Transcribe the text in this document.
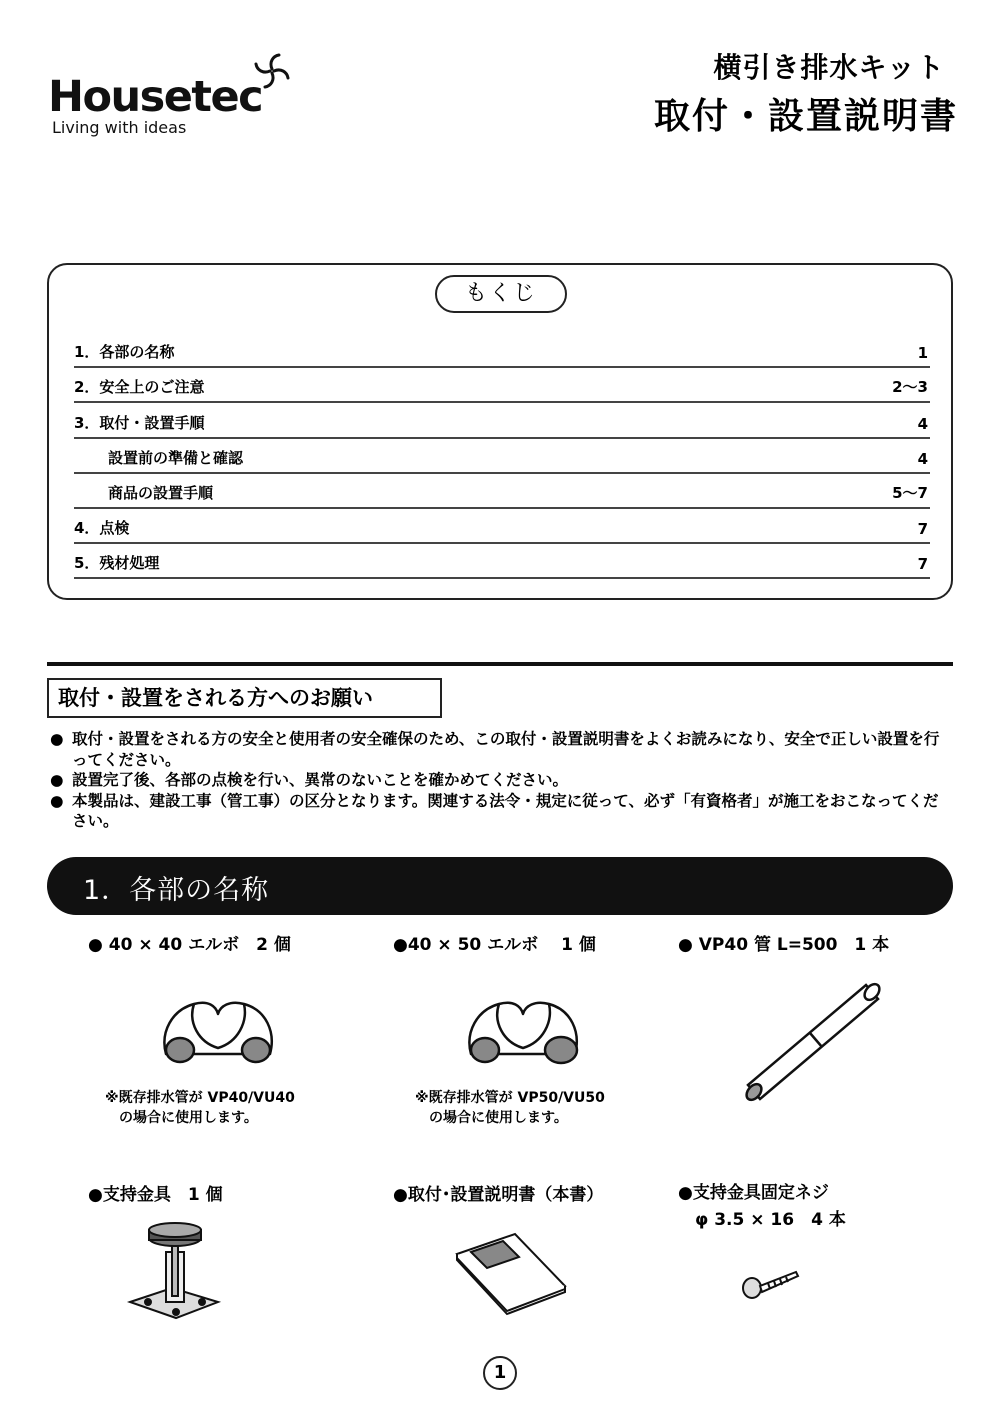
Housetec
Living with ideas
横引き排水キット
取付・設置説明書
もくじ
1．各部の名称	1
2．安全上のご注意	2～3
3．取付・設置手順	4
設置前の準備と確認	4
商品の設置手順	5～7
4．点検	7
5．残材処理	7
取付・設置をされる方へのお願い
● 取付・設置をされる方の安全と使用者の安全確保のため、この取付・設置説明書をよくお読みになり、安全で正しい設置を行ってください。
● 設置完了後、各部の点検を行い、異常のないことを確かめてください。
● 本製品は、建設工事（管工事）の区分となります。関連する法令・規定に従って、必ず「有資格者」が施工をおこなってください。
1．各部の名称
● 40 × 40 エルボ　2 個
※既存排水管が VP40/VU40
　の場合に使用します。
●40 × 50 エルボ　 1 個
※既存排水管が VP50/VU50
　の場合に使用します。
● VP40 管 L=500　1 本
●支持金具　1 個	●取付･設置説明書（本書）	●支持金具固定ネジ
　φ 3.5 × 16　4 本
1
